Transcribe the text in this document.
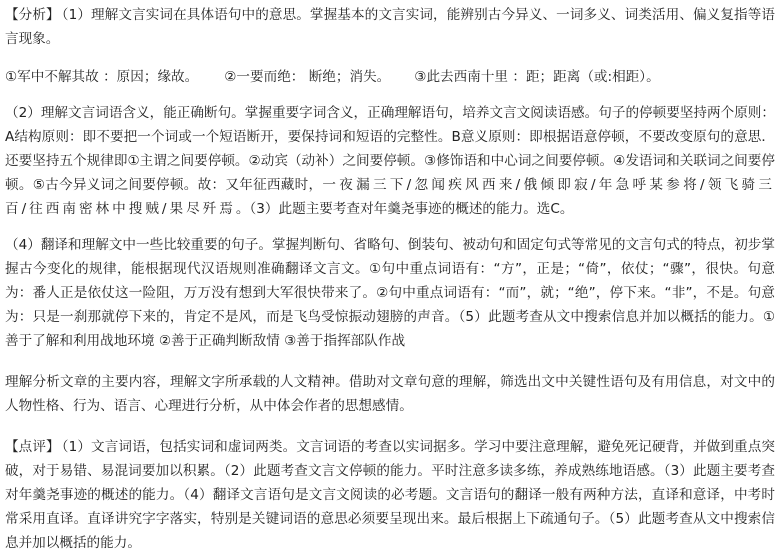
【分析】 （1）理解文言实词在具体语句中的意思。掌握基本的文言实词，能辨别古今异义、一词多义、词类活用、偏义复指等语言现象。

①军中不解其故 ：原因；缘故。 ②一要而绝： 断绝；消失。 ③此去西南十里 ：距；距离（或:相距）。

（2）理解文言词语含义，能正确断句。掌握重要字词含义，正确理解语句，培养文言文阅读语感。句子的停顿要坚持两个原则：A结构原则：即不要把一个词或一个短语断开，要保持词和短语的完整性。B意义原则：即根据语意停顿，不要改变原句的意思．还要坚持五个规律即①主谓之间要停顿。②动宾（动补）之间要停顿。③修饰语和中心词之间要停顿。④发语词和关联词之间要停顿。⑤古今异义词之间要停顿。故：又年征西藏时，一夜漏三下/忽闻疾风西来/俄倾即寂/年急呼某参将/领飞骑三百/往西南密林中搜贼/果尽歼焉。（3）此题主要考查对年羹尧事迹的概述的能力。选C。

（4）翻译和理解文中一些比较重要的句子。掌握判断句、省略句、倒装句、被动句和固定句式等常见的文言句式的特点，初步掌握古今变化的规律，能根据现代汉语规则准确翻译文言文。①句中重点词语有：“方”，正是；“倚”，依仗；“骤”，很快。句意为：番人正是依仗这一险阻，万万没有想到大军很快带来了。②句中重点词语有：“而”，就；“绝”，停下来。“非”，不是。句意为：只是一刹那就停下来的，肯定不是风，而是飞鸟受惊振动翅膀的声音。（5）此题考查从文中搜索信息并加以概括的能力。①善于了解和利用战地环境 ②善于正确判断敌情 ③善于指挥部队作战

理解分析文章的主要内容，理解文字所承载的人文精神。借助对文章句意的理解，筛选出文中关键性语句及有用信息，对文中的人物性格、行为、语言、心理进行分析，从中体会作者的思想感情。

【点评】 （1）文言词语，包括实词和虚词两类。文言词语的考查以实词据多。学习中要注意理解，避免死记硬背，并做到重点突破，对于易错、易混词要加以积累。（2）此题考查文言文停顿的能力。平时注意多读多练，养成熟练地语感。（3）此题主要考查对年羹尧事迹的概述的能力。（4）翻译文言语句是文言文阅读的必考题。文言语句的翻译一般有两种方法，直译和意译，中考时常采用直译。直译讲究字字落实，特别是关键词语的意思必须要呈现出来。最后根据上下疏通句子。（5）此题考查从文中搜索信息并加以概括的能力。
